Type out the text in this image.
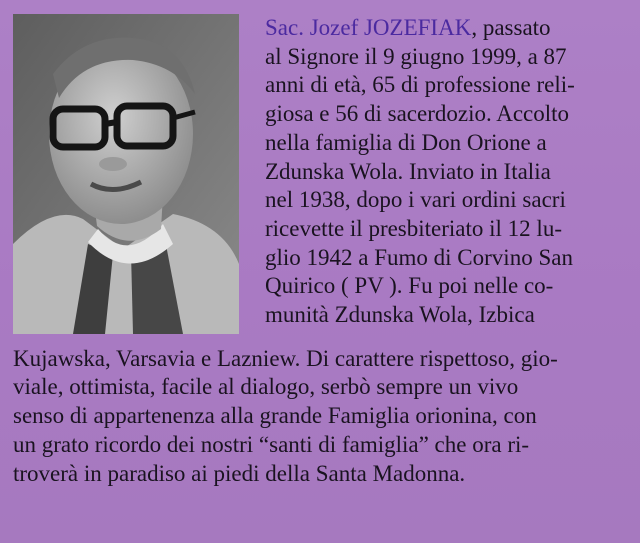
Sac. Jozef JOZEFIAK, passato
al Signore il 9 giugno 1999, a 87
anni di età, 65 di professione reli-
giosa e 56 di sacerdozio. Accolto
nella famiglia di Don Orione a
Zdunska Wola. Inviato in Italia
nel 1938, dopo i vari ordini sacri
ricevette il presbiteriato il 12 lu-
glio 1942 a Fumo di Corvino San
Quirico ( PV ). Fu poi nelle co-
munità Zdunska Wola, Izbica
Kujawska, Varsavia e Lazniew. Di carattere rispettoso, gio-
viale, ottimista, facile al dialogo, serbò sempre un vivo
senso di appartenenza alla grande Famiglia orionina, con
un grato ricordo dei nostri “santi di famiglia” che ora ri-
troverà in paradiso ai piedi della Santa Madonna.
